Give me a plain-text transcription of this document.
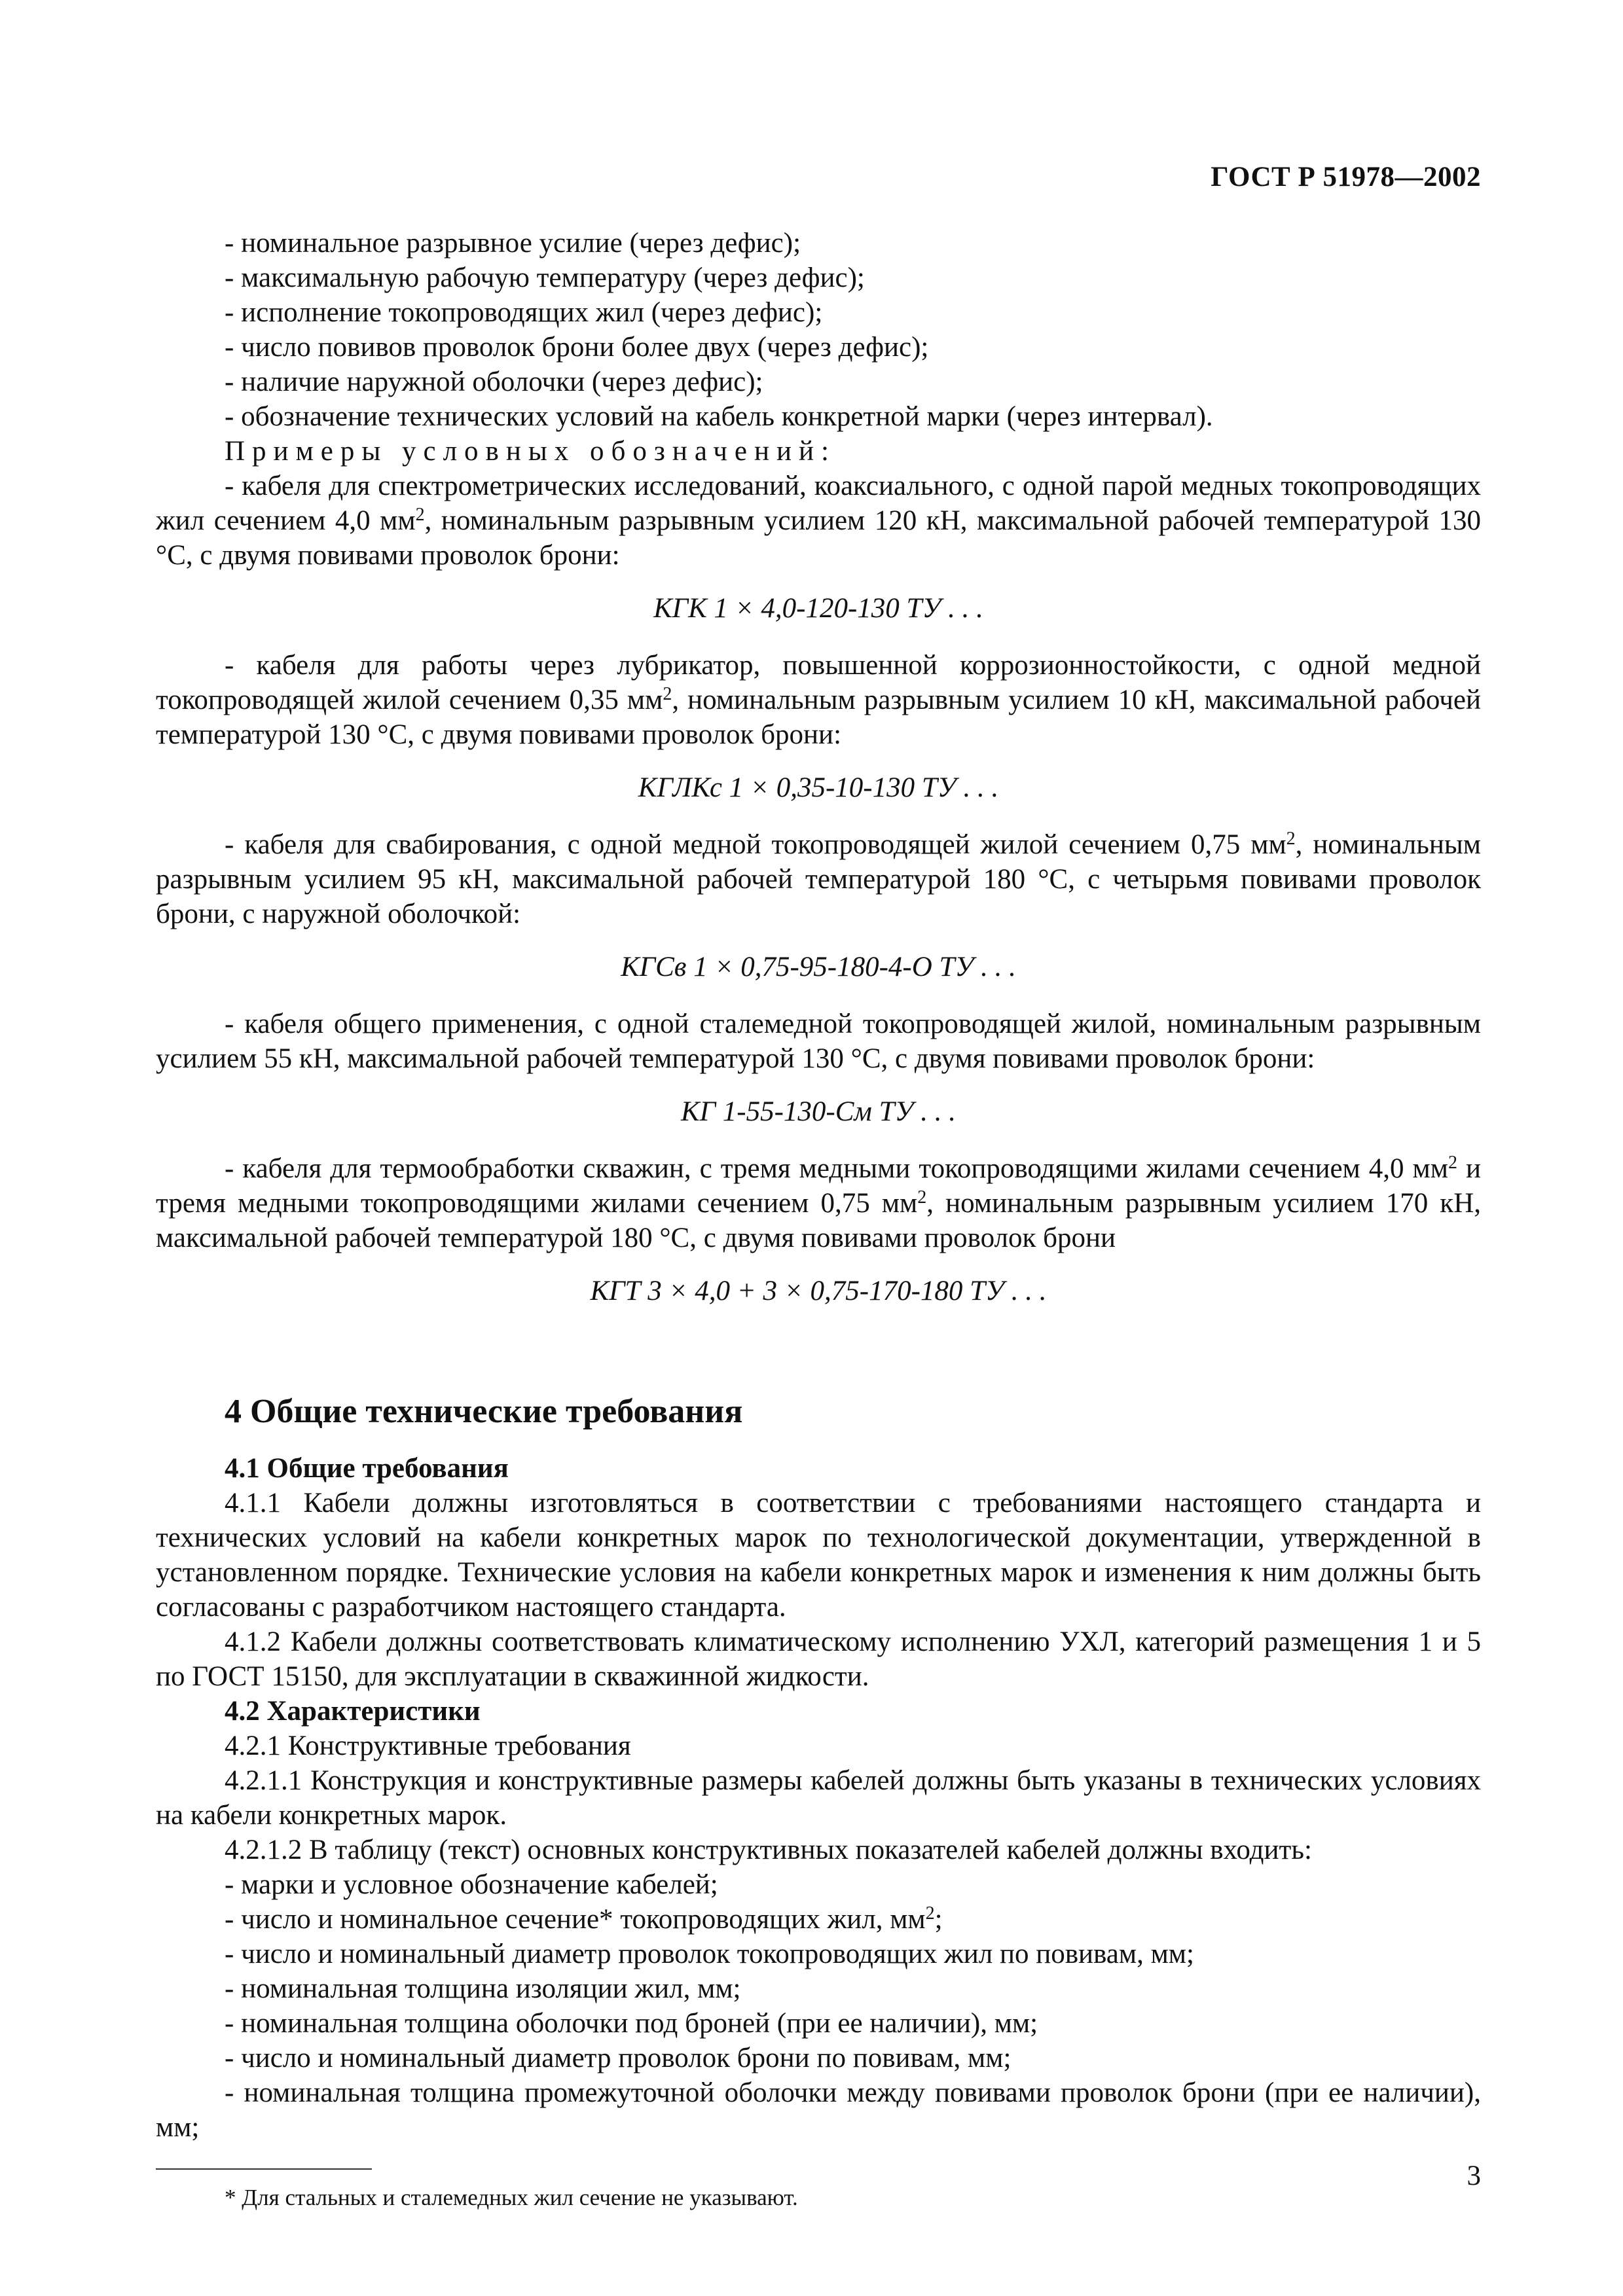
ГОСТ Р 51978—2002

- номинальное разрывное усилие (через дефис);

- максимальную рабочую температуру (через дефис);

- исполнение токопроводящих жил (через дефис);

- число повивов проволок брони более двух (через дефис);

- наличие наружной оболочки (через дефис);

- обозначение технических условий на кабель конкретной марки (через интервал).

Примеры условных обозначений:

- кабеля для спектрометрических исследований, коаксиального, с одной парой медных токопроводящих жил сечением 4,0 $мм^2$, номинальным разрывным усилием 120 кН, максимальной рабочей температурой 130 °С, с двумя повивами проволок брони:

КГК 1 × 4,0-120-130 ТУ . . .

- кабеля для работы через лубрикатор, повышенной коррозионностойкости, с одной медной токопроводящей жилой сечением 0,35 $мм^2$, номинальным разрывным усилием 10 кН, максимальной рабочей температурой 130 °С, с двумя повивами проволок брони:

КГЛКс 1 × 0,35-10-130 ТУ . . .

- кабеля для свабирования, с одной медной токопроводящей жилой сечением 0,75 $мм^2$, номинальным разрывным усилием 95 кН, максимальной рабочей температурой 180 °С, с четырьмя повивами проволок брони, с наружной оболочкой:

КГСв 1 × 0,75-95-180-4-О ТУ . . .

- кабеля общего применения, с одной сталемедной токопроводящей жилой, номинальным разрывным усилием 55 кН, максимальной рабочей температурой 130 °С, с двумя повивами проволок брони:

КГ 1-55-130-См ТУ . . .

- кабеля для термообработки скважин, с тремя медными токопроводящими жилами сечением 4,0 $мм^2$ и тремя медными токопроводящими жилами сечением 0,75 $мм^2$, номинальным разрывным усилием 170 кН, максимальной рабочей температурой 180 °С, с двумя повивами проволок брони

КГТ 3 × 4,0 + 3 × 0,75-170-180 ТУ . . .

4 Общие технические требования

4.1 Общие требования

4.1.1 Кабели должны изготовляться в соответствии с требованиями настоящего стандарта и технических условий на кабели конкретных марок по технологической документации, утвержденной в установленном порядке. Технические условия на кабели конкретных марок и изменения к ним должны быть согласованы с разработчиком настоящего стандарта.

4.1.2 Кабели должны соответствовать климатическому исполнению УХЛ, категорий размещения 1 и 5 по ГОСТ 15150, для эксплуатации в скважинной жидкости.

4.2 Характеристики

4.2.1 Конструктивные требования

4.2.1.1 Конструкция и конструктивные размеры кабелей должны быть указаны в технических условиях на кабели конкретных марок.

4.2.1.2 В таблицу (текст) основных конструктивных показателей кабелей должны входить:

- марки и условное обозначение кабелей;

- число и номинальное сечение* токопроводящих жил, $мм^2$;

- число и номинальный диаметр проволок токопроводящих жил по повивам, мм;

- номинальная толщина изоляции жил, мм;

- номинальная толщина оболочки под броней (при ее наличии), мм;

- число и номинальный диаметр проволок брони по повивам, мм;

- номинальная толщина промежуточной оболочки между повивами проволок брони (при ее наличии), мм;

* Для стальных и сталемедных жил сечение не указывают.

3
